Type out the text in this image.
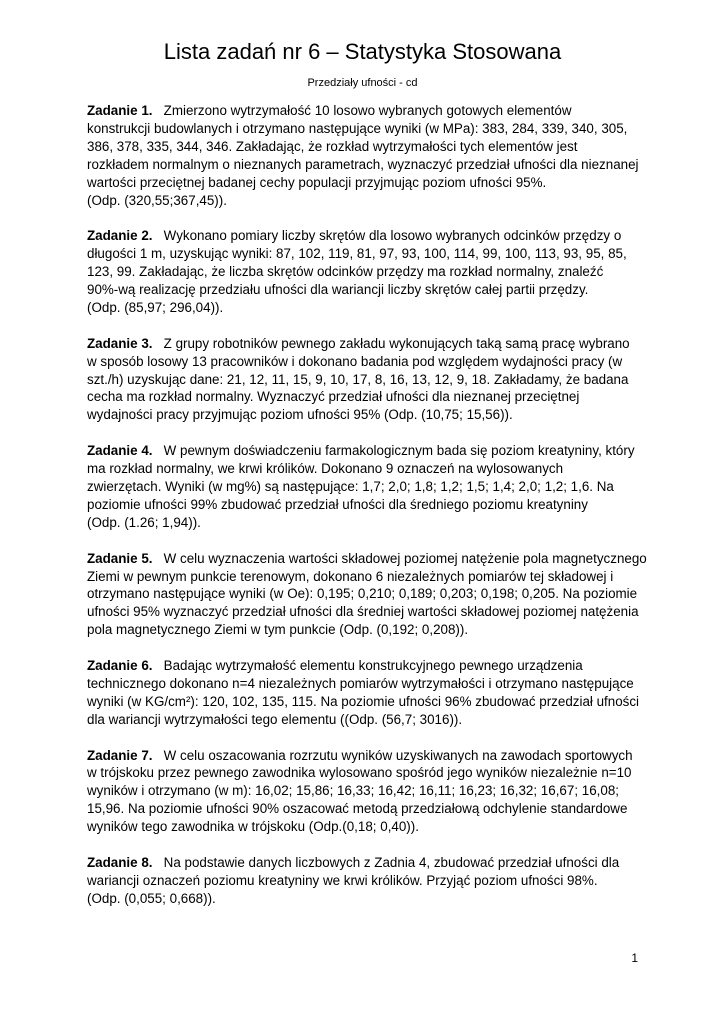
Lista zadań nr 6 – Statystyka Stosowana
Przedziały ufności - cd
Zadanie 1. Zmierzono wytrzymałość 10 losowo wybranych gotowych elementów
konstrukcji budowlanych i otrzymano następujące wyniki (w MPa): 383, 284, 339, 340, 305,
386, 378, 335, 344, 346. Zakładając, że rozkład wytrzymałości tych elementów jest
rozkładem normalnym o nieznanych parametrach, wyznaczyć przedział ufności dla nieznanej
wartości przeciętnej badanej cechy populacji przyjmując poziom ufności 95%.
(Odp. (320,55;367,45)).
Zadanie 2. Wykonano pomiary liczby skrętów dla losowo wybranych odcinków przędzy o
długości 1 m, uzyskując wyniki: 87, 102, 119, 81, 97, 93, 100, 114, 99, 100, 113, 93, 95, 85,
123, 99. Zakładając, że liczba skrętów odcinków przędzy ma rozkład normalny, znaleźć
90%-wą realizację przedziału ufności dla wariancji liczby skrętów całej partii przędzy.
(Odp. (85,97; 296,04)).
Zadanie 3. Z grupy robotników pewnego zakładu wykonujących taką samą pracę wybrano
w sposób losowy 13 pracowników i dokonano badania pod względem wydajności pracy (w
szt./h) uzyskując dane: 21, 12, 11, 15, 9, 10, 17, 8, 16, 13, 12, 9, 18. Zakładamy, że badana
cecha ma rozkład normalny. Wyznaczyć przedział ufności dla nieznanej przeciętnej
wydajności pracy przyjmując poziom ufności 95% (Odp. (10,75; 15,56)).
Zadanie 4. W pewnym doświadczeniu farmakologicznym bada się poziom kreatyniny, który
ma rozkład normalny, we krwi królików. Dokonano 9 oznaczeń na wylosowanych
zwierzętach. Wyniki (w mg%) są następujące: 1,7; 2,0; 1,8; 1,2; 1,5; 1,4; 2,0; 1,2; 1,6. Na
poziomie ufności 99% zbudować przedział ufności dla średniego poziomu kreatyniny
(Odp. (1.26; 1,94)).
Zadanie 5. W celu wyznaczenia wartości składowej poziomej natężenie pola magnetycznego
Ziemi w pewnym punkcie terenowym, dokonano 6 niezależnych pomiarów tej składowej i
otrzymano następujące wyniki (w Oe): 0,195; 0,210; 0,189; 0,203; 0,198; 0,205. Na poziomie
ufności 95% wyznaczyć przedział ufności dla średniej wartości składowej poziomej natężenia
pola magnetycznego Ziemi w tym punkcie (Odp. (0,192; 0,208)).
Zadanie 6. Badając wytrzymałość elementu konstrukcyjnego pewnego urządzenia
technicznego dokonano n=4 niezależnych pomiarów wytrzymałości i otrzymano następujące
wyniki (w KG/cm²): 120, 102, 135, 115. Na poziomie ufności 96% zbudować przedział ufności
dla wariancji wytrzymałości tego elementu ((Odp. (56,7; 3016)).
Zadanie 7. W celu oszacowania rozrzutu wyników uzyskiwanych na zawodach sportowych
w trójskoku przez pewnego zawodnika wylosowano spośród jego wyników niezależnie n=10
wyników i otrzymano (w m): 16,02; 15,86; 16,33; 16,42; 16,11; 16,23; 16,32; 16,67; 16,08;
15,96. Na poziomie ufności 90% oszacować metodą przedziałową odchylenie standardowe
wyników tego zawodnika w trójskoku (Odp.(0,18; 0,40)).
Zadanie 8. Na podstawie danych liczbowych z Zadnia 4, zbudować przedział ufności dla
wariancji oznaczeń poziomu kreatyniny we krwi królików. Przyjąć poziom ufności 98%.
(Odp. (0,055; 0,668)).
1
